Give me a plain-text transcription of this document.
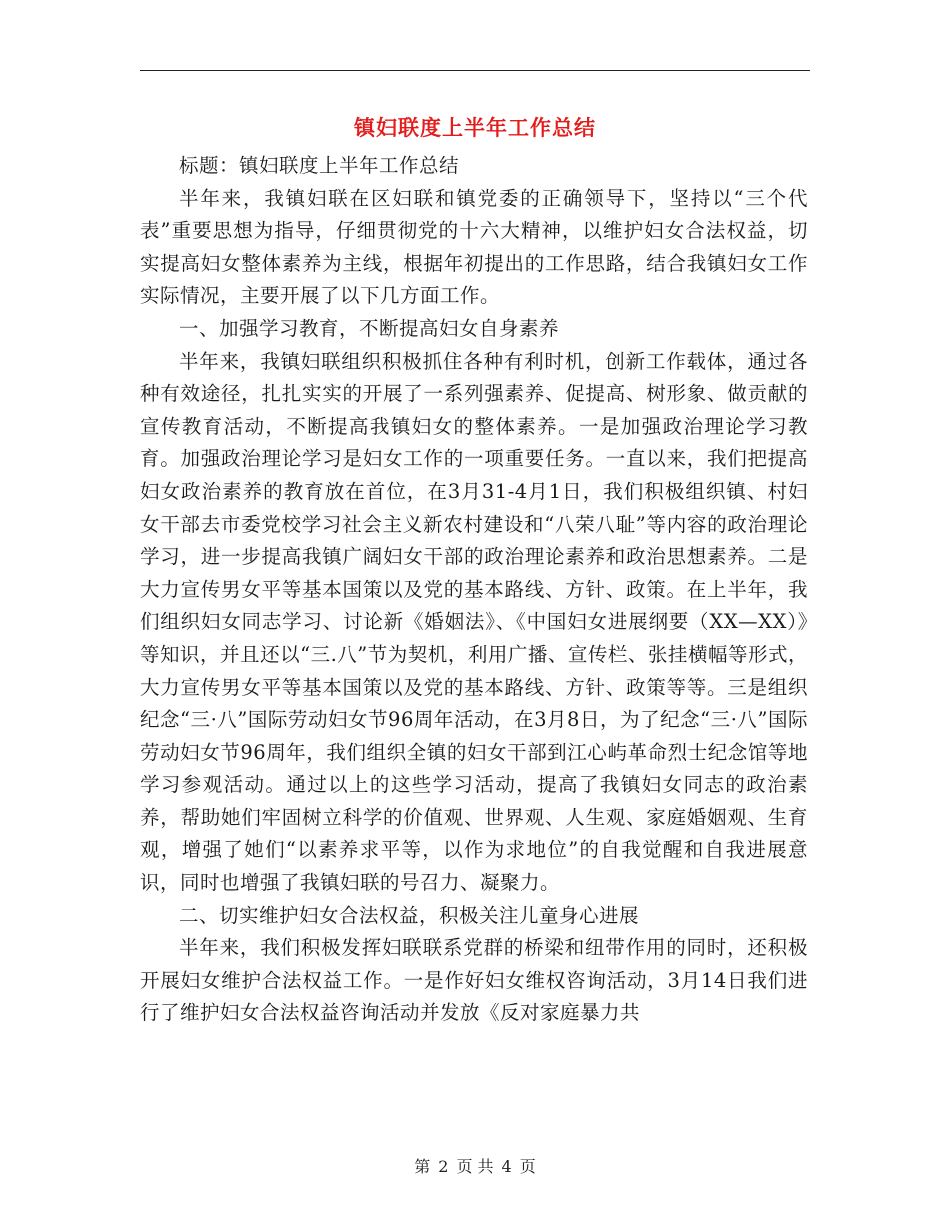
镇妇联度上半年工作总结

标题：镇妇联度上半年工作总结

半年来，我镇妇联在区妇联和镇党委的正确领导下，坚持以“三个代表”重要思想为指导，仔细贯彻党的十六大精神，以维护妇女合法权益，切实提高妇女整体素养为主线，根据年初提出的工作思路，结合我镇妇女工作实际情况，主要开展了以下几方面工作。

一、加强学习教育，不断提高妇女自身素养

半年来，我镇妇联组织积极抓住各种有利时机，创新工作载体，通过各种有效途径，扎扎实实的开展了一系列强素养、促提高、树形象、做贡献的宣传教育活动，不断提高我镇妇女的整体素养。一是加强政治理论学习教育。加强政治理论学习是妇女工作的一项重要任务。一直以来，我们把提高妇女政治素养的教育放在首位，在3月31-4月1日，我们积极组织镇、村妇女干部去市委党校学习社会主义新农村建设和“八荣八耻”等内容的政治理论学习，进一步提高我镇广阔妇女干部的政治理论素养和政治思想素养。二是大力宣传男女平等基本国策以及党的基本路线、方针、政策。在上半年，我们组织妇女同志学习、讨论新《婚姻法》、《中国妇女进展纲要（XX—XX）》等知识，并且还以“三.八”节为契机，利用广播、宣传栏、张挂横幅等形式，大力宣传男女平等基本国策以及党的基本路线、方针、政策等等。三是组织纪念“三·八”国际劳动妇女节96周年活动，在3月8日，为了纪念“三·八”国际劳动妇女节96周年，我们组织全镇的妇女干部到江心屿革命烈士纪念馆等地学习参观活动。通过以上的这些学习活动，提高了我镇妇女同志的政治素养，帮助她们牢固树立科学的价值观、世界观、人生观、家庭婚姻观、生育观，增强了她们“以素养求平等，以作为求地位”的自我觉醒和自我进展意识，同时也增强了我镇妇联的号召力、凝聚力。

二、切实维护妇女合法权益，积极关注儿童身心进展

半年来，我们积极发挥妇联联系党群的桥梁和纽带作用的同时，还积极开展妇女维护合法权益工作。一是作好妇女维权咨询活动，3月14日我们进行了维护妇女合法权益咨询活动并发放《反对家庭暴力共

第 2 页 共 4 页
